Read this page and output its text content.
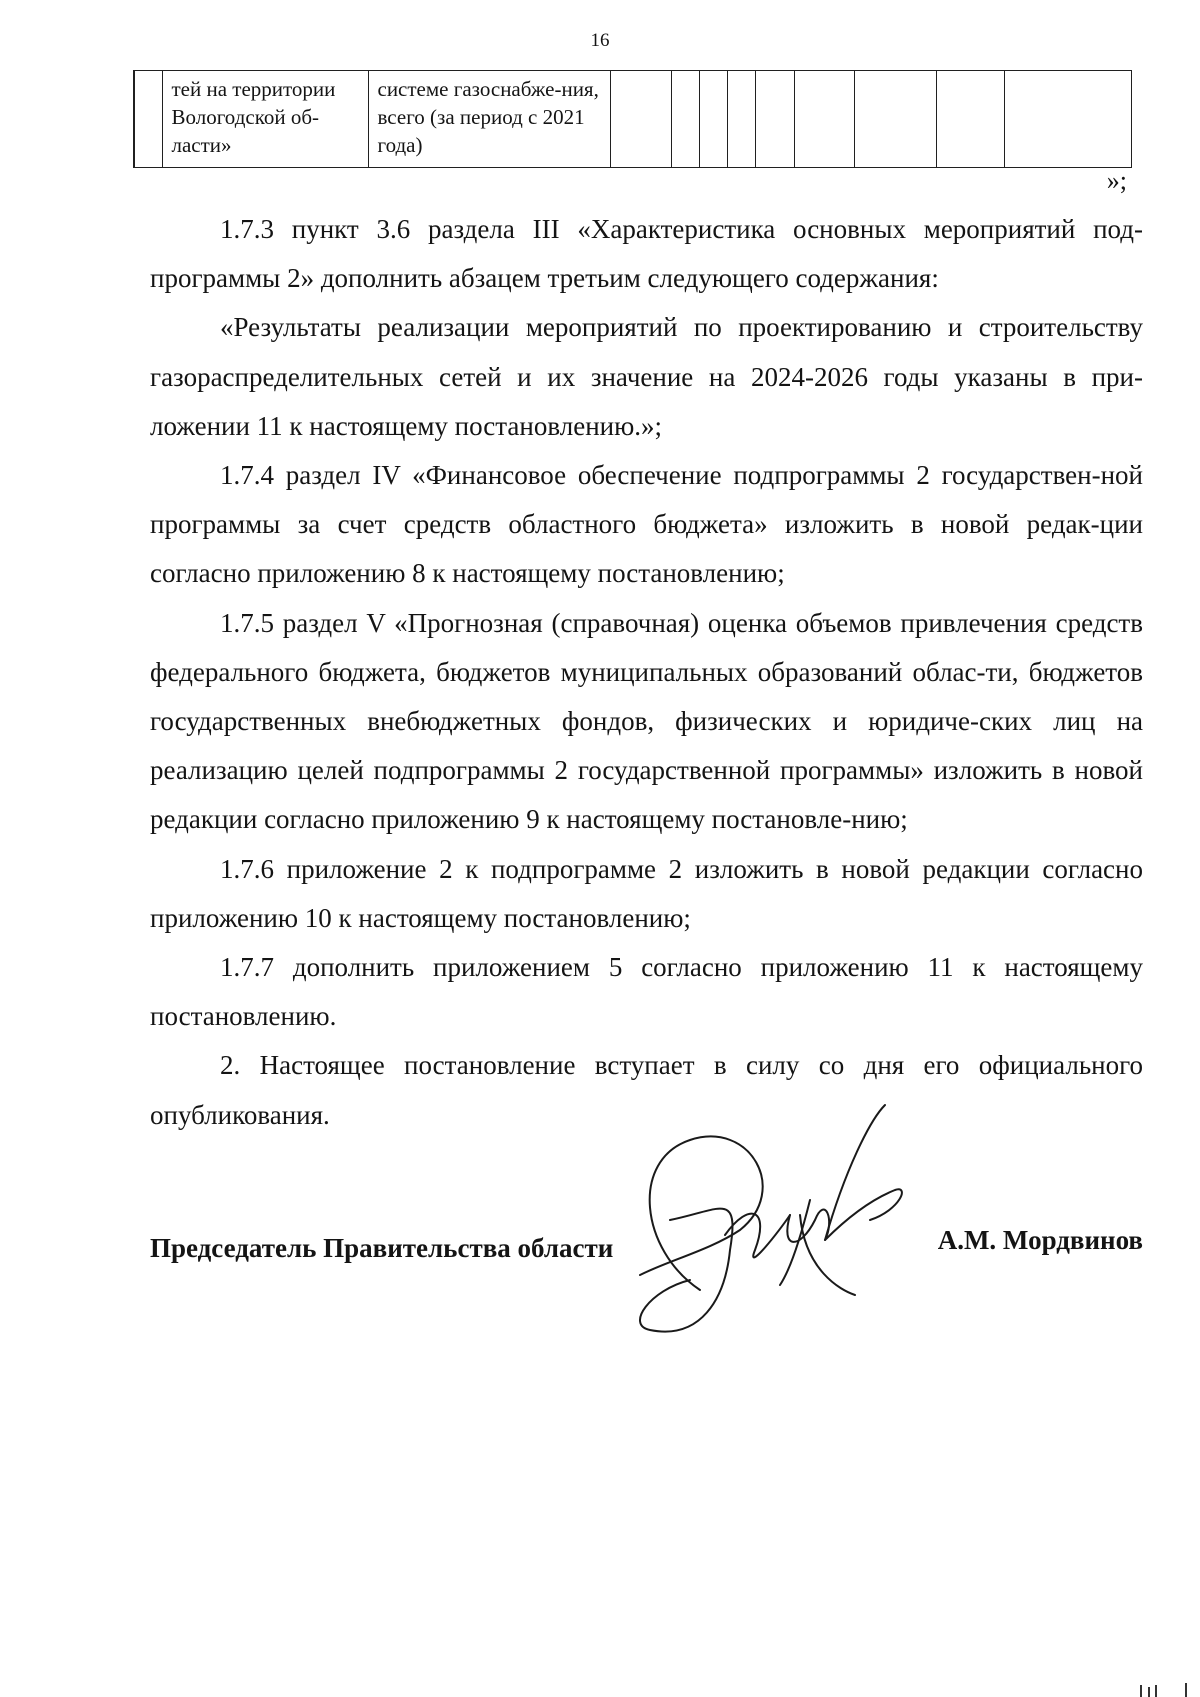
16
	тей на территории Вологодской об-ласти»	системе газоснабже-ния, всего (за период с 2021 года)									
»;

1.7.3 пункт 3.6 раздела III «Характеристика основных мероприятий под-программы 2» дополнить абзацем третьим следующего содержания:

«Результаты реализации мероприятий по проектированию и строительству газораспределительных сетей и их значение на 2024-2026 годы указаны в при-ложении 11 к настоящему постановлению.»;

1.7.4 раздел IV «Финансовое обеспечение подпрограммы 2 государствен-ной программы за счет средств областного бюджета» изложить в новой редак-ции согласно приложению 8 к настоящему постановлению;

1.7.5 раздел V «Прогнозная (справочная) оценка объемов привлечения средств федерального бюджета, бюджетов муниципальных образований облас-ти, бюджетов государственных внебюджетных фондов, физических и юридиче-ских лиц на реализацию целей подпрограммы 2 государственной программы» изложить в новой редакции согласно приложению 9 к настоящему постановле-нию;

1.7.6 приложение 2 к подпрограмме 2 изложить в новой редакции согласно приложению 10 к настоящему постановлению;

1.7.7 дополнить приложением 5 согласно приложению 11 к настоящему постановлению.

2. Настоящее постановление вступает в силу со дня его официального опубликования.

Председатель Правительства области	А.М. Мордвинов
